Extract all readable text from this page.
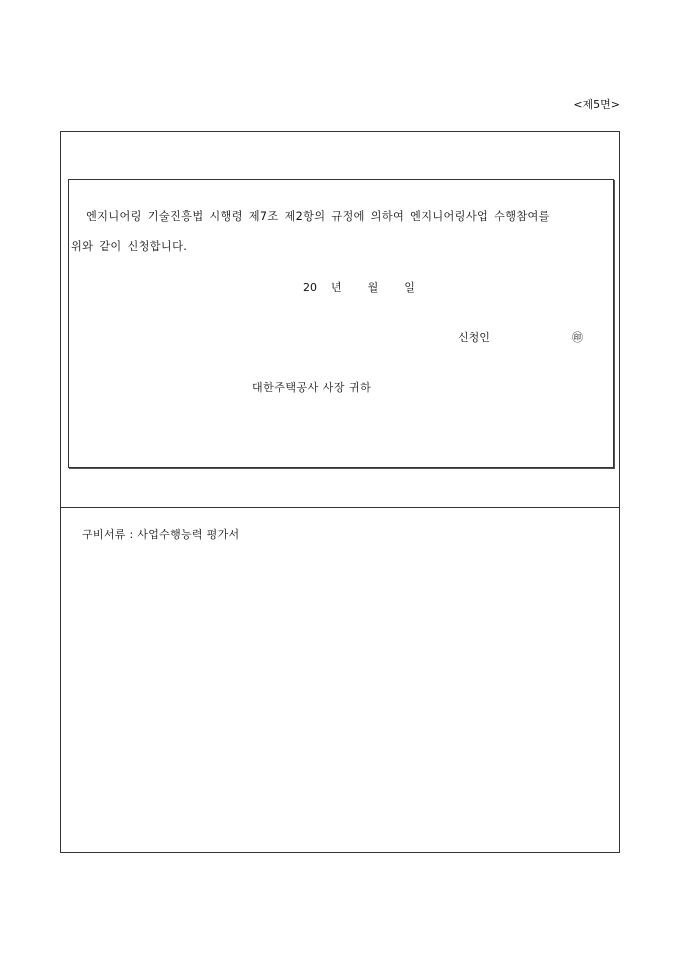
<제5면>
엔지니어링 기술진흥법 시행령 제7조 제2항의 규정에 의하여 엔지니어링사업 수행참여를
위와 같이 신청합니다.
20 년 월 일
신청인	㊞
대한주택공사 사장 귀하
구비서류 : 사업수행능력 평가서
